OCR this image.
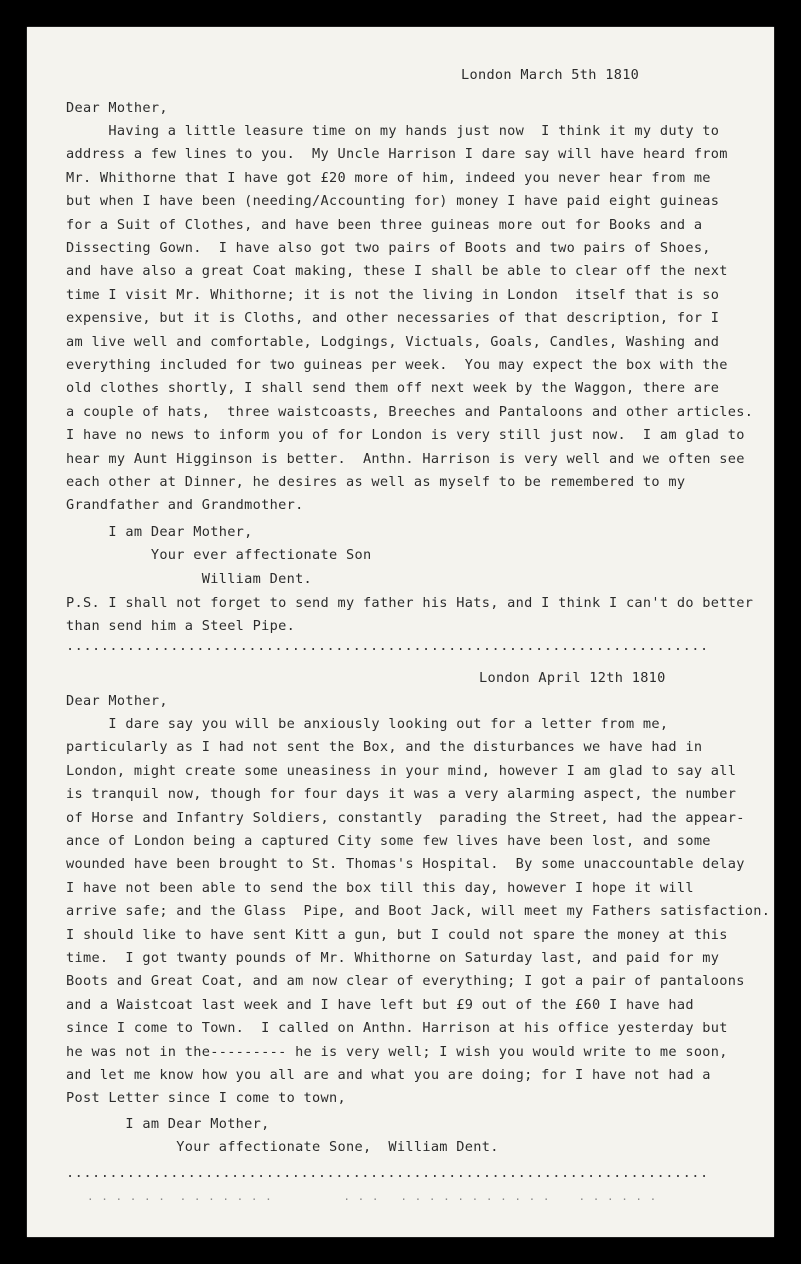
London March 5th 1810
Dear Mother,
Having a little leasure time on my hands just now  I think it my duty to
address a few lines to you.  My Uncle Harrison I dare say will have heard from
Mr. Whithorne that I have got £20 more of him, indeed you never hear from me
but when I have been (needing/Accounting for) money I have paid eight guineas
for a Suit of Clothes, and have been three guineas more out for Books and a
Dissecting Gown.  I have also got two pairs of Boots and two pairs of Shoes,
and have also a great Coat making, these I shall be able to clear off the next
time I visit Mr. Whithorne; it is not the living in London  itself that is so
expensive, but it is Cloths, and other necessaries of that description, for I
am live well and comfortable, Lodgings, Victuals, Goals, Candles, Washing and
everything included for two guineas per week.  You may expect the box with the
old clothes shortly, I shall send them off next week by the Waggon, there are
a couple of hats,  three waistcoasts, Breeches and Pantaloons and other articles.
I have no news to inform you of for London is very still just now.  I am glad to
hear my Aunt Higginson is better.  Anthn. Harrison is very well and we often see
each other at Dinner, he desires as well as myself to be remembered to my
Grandfather and Grandmother.
I am Dear Mother,
Your ever affectionate Son
William Dent.
P.S. I shall not forget to send my father his Hats, and I think I can't do better
than send him a Steel Pipe.
..........................................................................
London April 12th 1810
Dear Mother,
I dare say you will be anxiously looking out for a letter from me,
particularly as I had not sent the Box, and the disturbances we have had in
London, might create some uneasiness in your mind, however I am glad to say all
is tranquil now, though for four days it was a very alarming aspect, the number
of Horse and Infantry Soldiers, constantly  parading the Street, had the appear-
ance of London being a captured City some few lives have been lost, and some
wounded have been brought to St. Thomas's Hospital.  By some unaccountable delay
I have not been able to send the box till this day, however I hope it will
arrive safe; and the Glass  Pipe, and Boot Jack, will meet my Fathers satisfaction.
I should like to have sent Kitt a gun, but I could not spare the money at this
time.  I got twanty pounds of Mr. Whithorne on Saturday last, and paid for my
Boots and Great Coat, and am now clear of everything; I got a pair of pantaloons
and a Waistcoat last week and I have left but £9 out of the £60 I have had
since I come to Town.  I called on Anthn. Harrison at his office yesterday but
he was not in the--------- he is very well; I wish you would write to me soon,
and let me know how you all are and what you are doing; for I have not had a
Post Letter since I come to town,
I am Dear Mother,
Your affectionate Sone,  William Dent.
..........................................................................
. . . . . .  . . . . . . .          . . .   . . . . . . . . . . .    . . . . . .
